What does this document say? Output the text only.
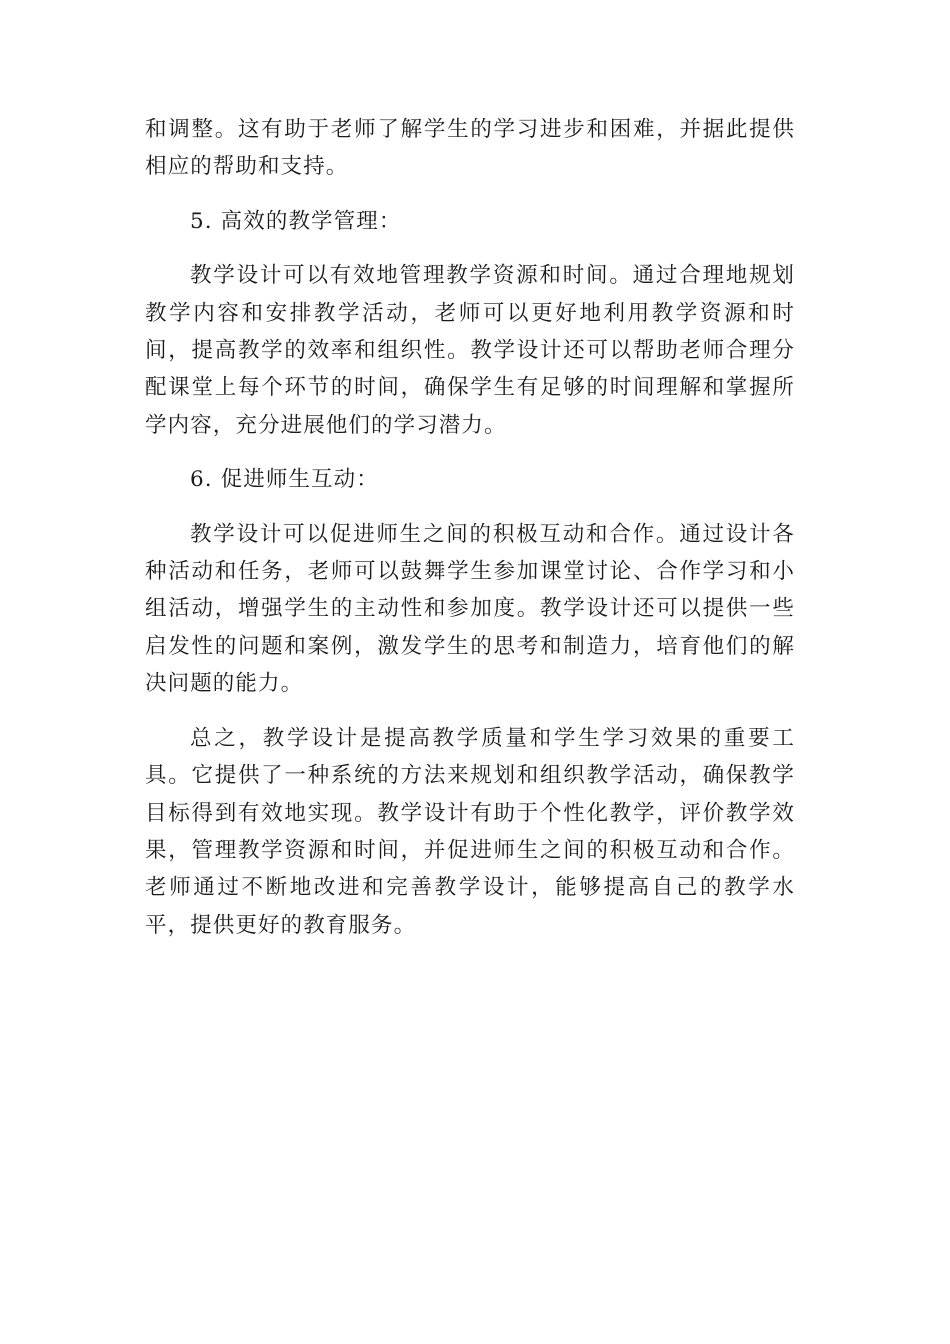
和调整。这有助于老师了解学生的学习进步和困难，并据此提供相应的帮助和支持。

5. 高效的教学管理：

教学设计可以有效地管理教学资源和时间。通过合理地规划教学内容和安排教学活动，老师可以更好地利用教学资源和时间，提高教学的效率和组织性。教学设计还可以帮助老师合理分配课堂上每个环节的时间，确保学生有足够的时间理解和掌握所学内容，充分进展他们的学习潜力。

6. 促进师生互动：

教学设计可以促进师生之间的积极互动和合作。通过设计各种活动和任务，老师可以鼓舞学生参加课堂讨论、合作学习和小组活动，增强学生的主动性和参加度。教学设计还可以提供一些启发性的问题和案例，激发学生的思考和制造力，培育他们的解决问题的能力。

总之，教学设计是提高教学质量和学生学习效果的重要工具。它提供了一种系统的方法来规划和组织教学活动，确保教学目标得到有效地实现。教学设计有助于个性化教学，评价教学效果，管理教学资源和时间，并促进师生之间的积极互动和合作。老师通过不断地改进和完善教学设计，能够提高自己的教学水平，提供更好的教育服务。
